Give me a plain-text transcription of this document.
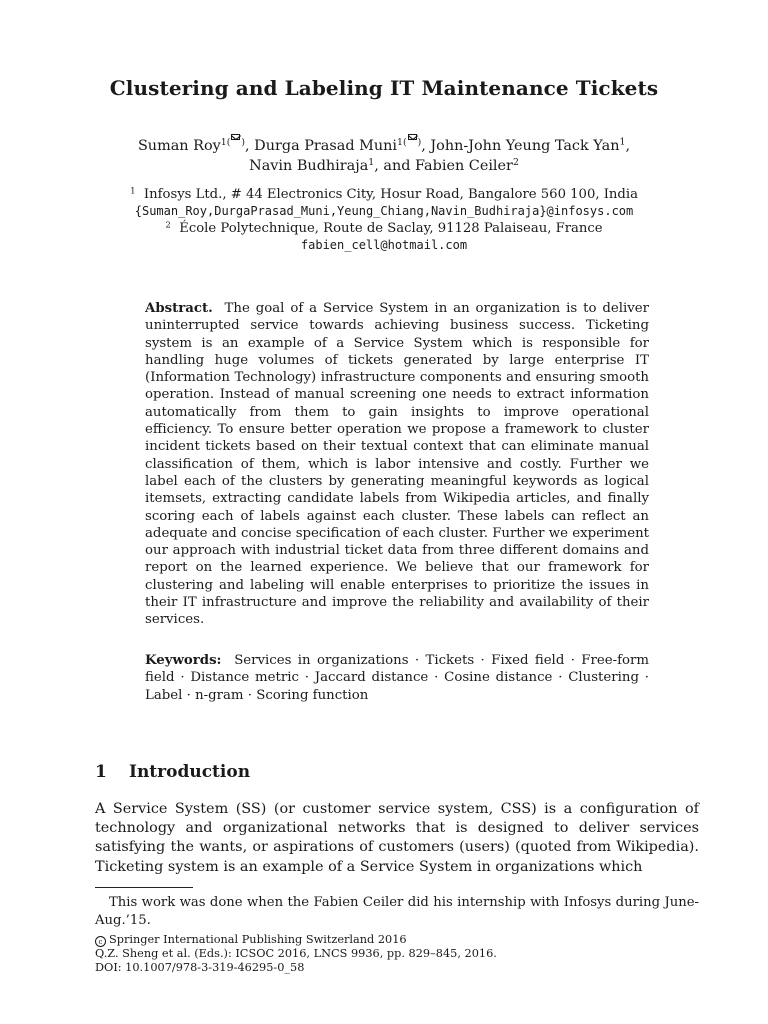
Clustering and Labeling IT Maintenance Tickets
Suman Roy$^{1( )}$, Durga Prasad Muni$^{1( )}$, John-John Yeung Tack Yan$^1$,
Navin Budhiraja$^1$, and Fabien Ceiler$^2$
$^1$ Infosys Ltd., # 44 Electronics City, Hosur Road, Bangalore 560 100, India
{Suman_Roy,DurgaPrasad_Muni,Yeung_Chiang,Navin_Budhiraja}@infosys.com
$^2$ École Polytechnique, Route de Saclay, 91128 Palaiseau, France
fabien_cell@hotmail.com
Abstract. The goal of a Service System in an organization is to deliver uninterrupted service towards achieving business success. Ticketing system is an example of a Service System which is responsible for handling huge volumes of tickets generated by large enterprise IT (Information Technology) infrastructure components and ensuring smooth operation. Instead of manual screening one needs to extract information automatically from them to gain insights to improve operational efficiency. To ensure better operation we propose a framework to cluster incident tickets based on their textual context that can eliminate manual classification of them, which is labor intensive and costly. Further we label each of the clusters by generating meaningful keywords as logical itemsets, extracting candidate labels from Wikipedia articles, and finally scoring each of labels against each cluster. These labels can reflect an adequate and concise specification of each cluster. Further we experiment our approach with industrial ticket data from three different domains and report on the learned experience. We believe that our framework for clustering and labeling will enable enterprises to prioritize the issues in their IT infrastructure and improve the reliability and availability of their services.
Keywords: Services in organizations · Tickets · Fixed field · Free-form field · Distance metric · Jaccard distance · Cosine distance · Clustering · Label · n-gram · Scoring function
1 Introduction
A Service System (SS) (or customer service system, CSS) is a configuration of technology and organizational networks that is designed to deliver services satisfying the wants, or aspirations of customers (users) (quoted from Wikipedia). Ticketing system is an example of a Service System in organizations which
This work was done when the Fabien Ceiler did his internship with Infosys during June-Aug.’15.
c Springer International Publishing Switzerland 2016
Q.Z. Sheng et al. (Eds.): ICSOC 2016, LNCS 9936, pp. 829–845, 2016.
DOI: 10.1007/978-3-319-46295-0_58
